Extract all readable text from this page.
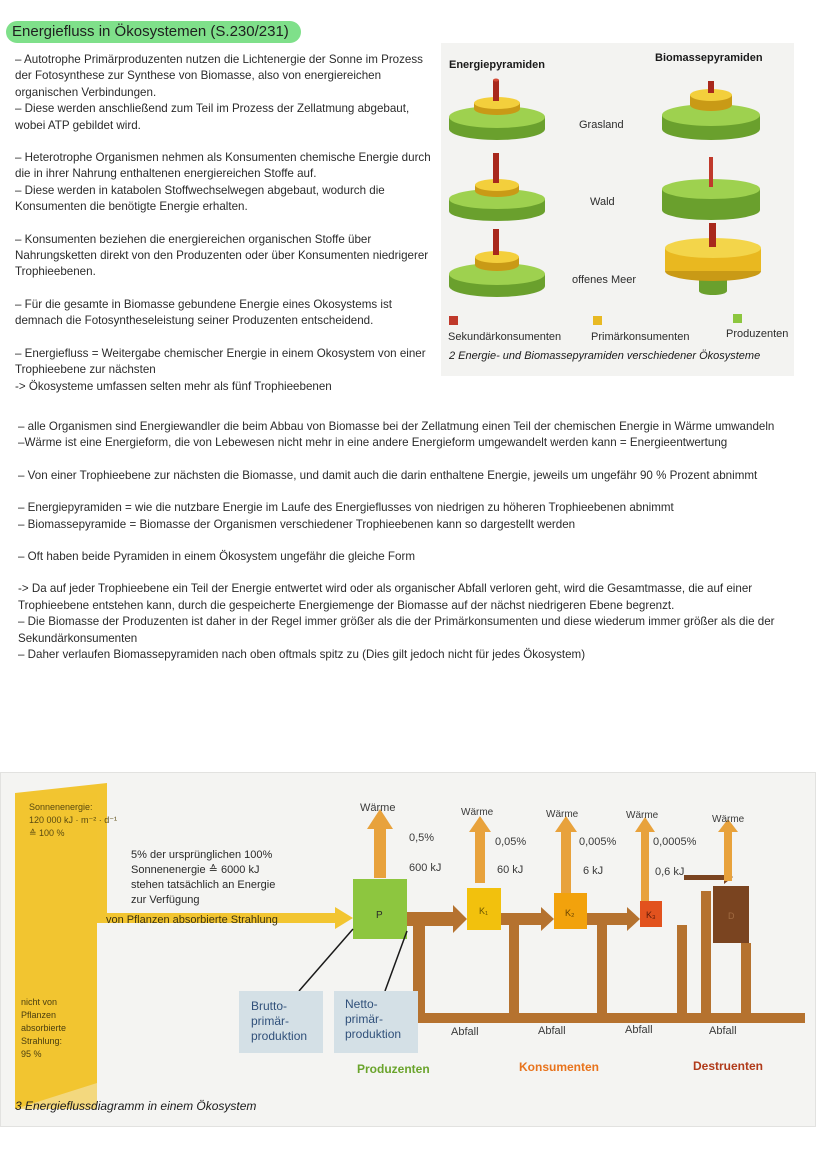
Energiefluss in Ökosystemen (S.230/231)

– Autotrophe Primärproduzenten nutzen die Lichtenergie der Sonne im Prozess der Fotosynthese zur Synthese von Biomasse, also von energiereichen organischen Verbindungen.

– Diese werden anschließend zum Teil im Prozess der Zellatmung abgebaut, wobei ATP gebildet wird.

– Heterotrophe Organismen nehmen als Konsumenten chemische Energie durch die in ihrer Nahrung enthaltenen energiereichen Stoffe auf.

– Diese werden in katabolen Stoffwechselwegen abgebaut, wodurch die Konsumenten die benötigte Energie erhalten.

– Konsumenten beziehen die energiereichen organischen Stoffe über Nahrungsketten direkt von den Produzenten oder über Konsumenten niedrigerer Trophieebenen.

– Für die gesamte in Biomasse gebundene Energie eines Okosystems ist demnach die Fotosyntheseleistung seiner Produzenten entscheidend.

– Energiefluss = Weitergabe chemischer Energie in einem Okosystem von einer Trophieebene zur nächsten

-> Ökosysteme umfassen selten mehr als fünf Trophieebenen

Energiepyramiden
Biomassepyramiden
Grasland
Wald
offenes Meer
Sekundärkonsumenten	Primärkonsumenten	Produzenten
2 Energie- und Biomassepyramiden verschiedener Ökosysteme

– alle Organismen sind Energiewandler die beim Abbau von Biomasse bei der Zellatmung einen Teil der chemischen Energie in Wärme umwandeln

–Wärme ist eine Energieform, die von Lebewesen nicht mehr in eine andere Energieform umgewandelt werden kann = Energieentwertung

– Von einer Trophieebene zur nächsten die Biomasse, und damit auch die darin enthaltene Energie, jeweils um ungefähr 90 % Prozent abnimmt

– Energiepyramiden = wie die nutzbare Energie im Laufe des Energieflusses von niedrigen zu höheren Trophieebenen abnimmt

– Biomassepyramide = Biomasse der Organismen verschiedener Trophieebenen kann so dargestellt werden

– Oft haben beide Pyramiden in einem Ökosystem ungefähr die gleiche Form

-> Da auf jeder Trophieebene ein Teil der Energie entwertet wird oder als organischer Abfall verloren geht, wird die Gesamtmasse, die auf einer Trophieebene entstehen kann, durch die gespeicherte Energiemenge der Biomasse auf der nächst niedrigeren Ebene begrenzt.

– Die Biomasse der Produzenten ist daher in der Regel immer größer als die der Primärkonsumenten und diese wiederum immer größer als die der Sekundärkonsumenten

– Daher verlaufen Biomassepyramiden nach oben oftmals spitz zu (Dies gilt jedoch nicht für jedes Ökosystem)

Sonnenenergie:
120 000 kJ · m⁻² · d⁻¹
≙ 100 %
nicht von
Pflanzen
absorbierte
Strahlung:
95 %
von Pflanzen absorbierte Strahlung
5% der ursprünglichen 100%
Sonnenenergie ≙ 6000 kJ
stehen tatsächlich an Energie
zur Verfügung
Wärme	Wärme	Wärme	Wärme	Wärme
0,5%
600 kJ
0,05%
60 kJ
0,005%
6 kJ
0,0005%
0,6 kJ
P	K₁	K₂	K₃	D
Abfall	Abfall	Abfall	Abfall
Brutto-
primär-
produktion
Netto-
primär-
produktion
Produzenten	Konsumenten	Destruenten
3 Energieflussdiagramm in einem Ökosystem
